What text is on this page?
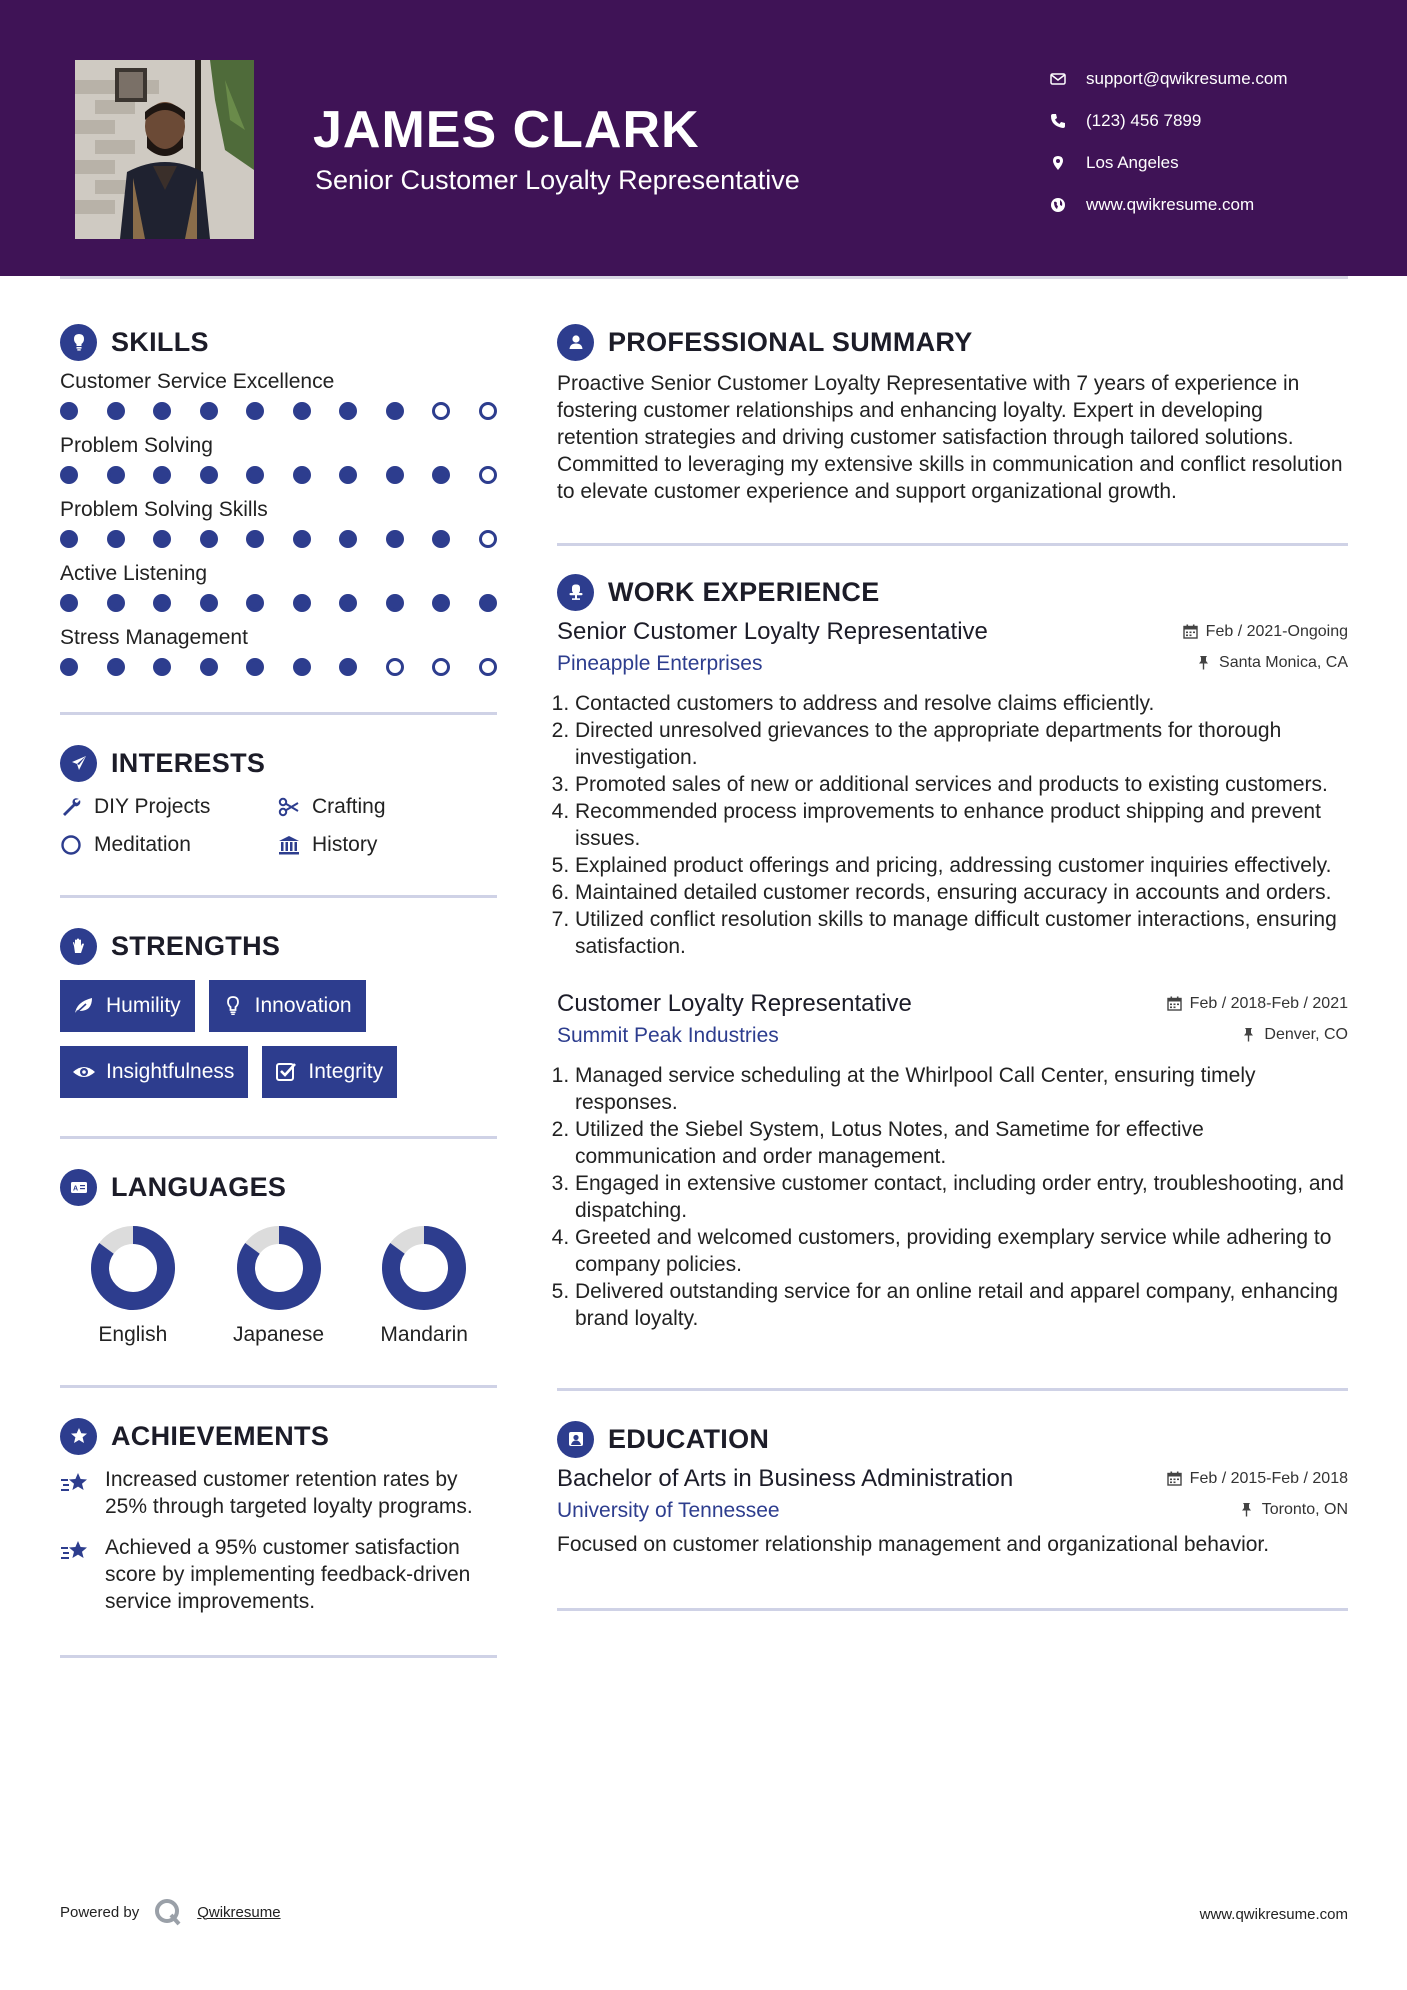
JAMES CLARK
Senior Customer Loyalty Representative
support@qwikresume.com
(123) 456 7899
Los Angeles
www.qwikresume.com
SKILLS
Customer Service Excellence
Problem Solving
Problem Solving Skills
Active Listening
Stress Management
INTERESTS
DIY Projects	Crafting
Meditation	History
STRENGTHS
Humility	Innovation
Insightfulness	Integrity
A LANGUAGES
English	Japanese	Mandarin
ACHIEVEMENTS
Increased customer retention rates by 25% through targeted loyalty programs.
Achieved a 95% customer satisfaction score by implementing feedback-driven service improvements.
PROFESSIONAL SUMMARY
Proactive Senior Customer Loyalty Representative with 7 years of experience in fostering customer relationships and enhancing loyalty. Expert in developing retention strategies and driving customer satisfaction through tailored solutions. Committed to leveraging my extensive skills in communication and conflict resolution to elevate customer experience and support organizational growth.
WORK EXPERIENCE
Senior Customer Loyalty Representative	Feb / 2021-Ongoing
Pineapple Enterprises	Santa Monica, CA
1. Contacted customers to address and resolve claims efficiently.
2. Directed unresolved grievances to the appropriate departments for thorough investigation.
3. Promoted sales of new or additional services and products to existing customers.
4. Recommended process improvements to enhance product shipping and prevent issues.
5. Explained product offerings and pricing, addressing customer inquiries effectively.
6. Maintained detailed customer records, ensuring accuracy in accounts and orders.
7. Utilized conflict resolution skills to manage difficult customer interactions, ensuring satisfaction.
Customer Loyalty Representative	Feb / 2018-Feb / 2021
Summit Peak Industries	Denver, CO
1. Managed service scheduling at the Whirlpool Call Center, ensuring timely responses.
2. Utilized the Siebel System, Lotus Notes, and Sametime for effective communication and order management.
3. Engaged in extensive customer contact, including order entry, troubleshooting, and dispatching.
4. Greeted and welcomed customers, providing exemplary service while adhering to company policies.
5. Delivered outstanding service for an online retail and apparel company, enhancing brand loyalty.
EDUCATION
Bachelor of Arts in Business Administration	Feb / 2015-Feb / 2018
University of Tennessee	Toronto, ON
Focused on customer relationship management and organizational behavior.
Powered by	Qwikresume	www.qwikresume.com
